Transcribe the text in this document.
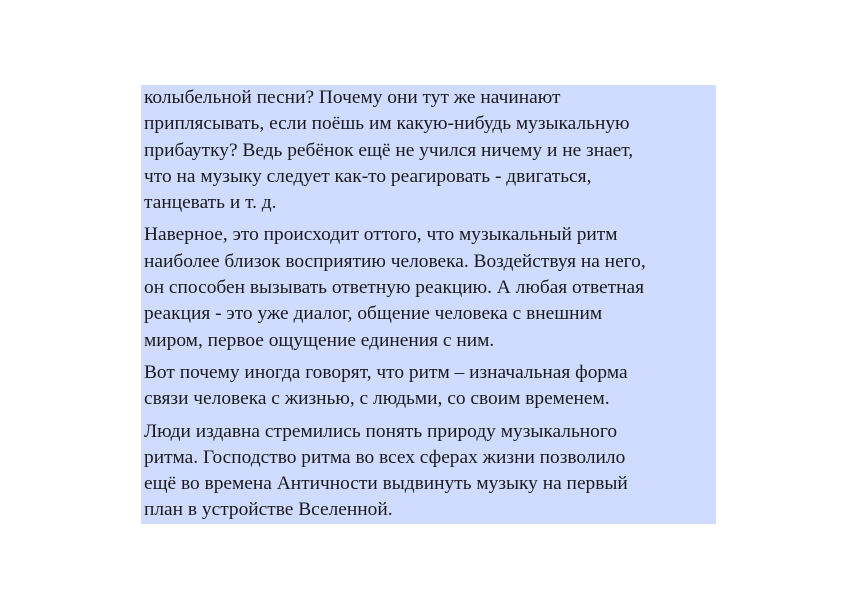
колыбельной песни? Почему они тут же начинают
приплясывать, если поёшь им какую-нибудь музыкальную
прибаутку? Ведь ребёнок ещё не учился ничему и не знает,
что на музыку следует как-то реагировать - двигаться,
танцевать и т. д.

Наверное, это происходит оттого, что музыкальный ритм
наиболее близок восприятию человека. Воздействуя на него,
он способен вызывать ответную реакцию. А любая ответная
реакция - это уже диалог, общение человека с внешним
миром, первое ощущение единения с ним.

Вот почему иногда говорят, что ритм – изначальная форма
связи человека с жизнью, с людьми, со своим временем.

Люди издавна стремились понять природу музыкального
ритма. Господство ритма во всех сферах жизни позволило
ещё во времена Античности выдвинуть музыку на первый
план в устройстве Вселенной.
